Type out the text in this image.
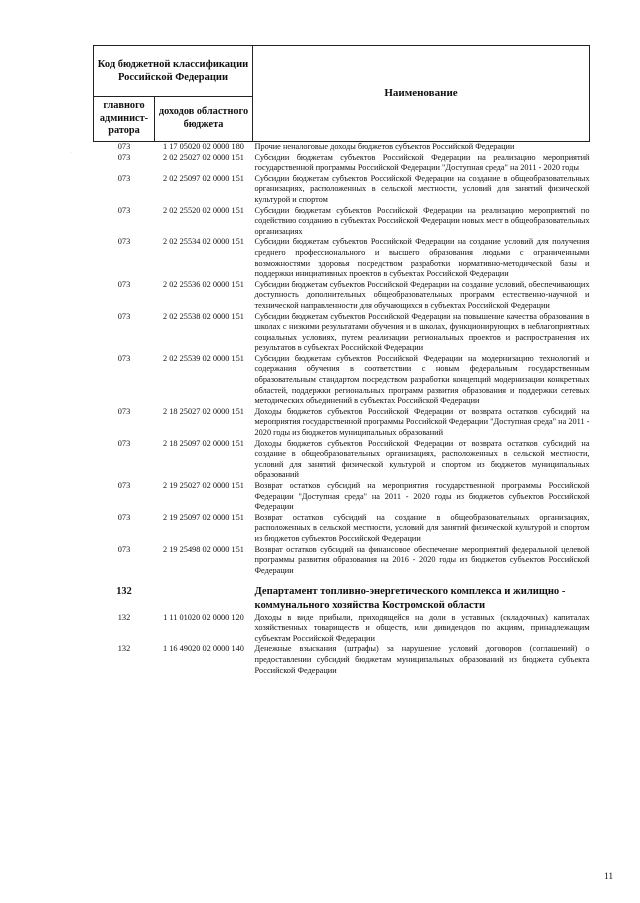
·
Код бюджетной классификации Российской Федерации		Наименование
главного админист-ратора	доходов областного бюджета	
073	1 17 05020 02 0000 180	Прочие неналоговые доходы бюджетов субъектов Российской Федерации
073	2 02 25027 02 0000 151	Субсидии бюджетам субъектов Российской Федерации на реализацию мероприятий государственной программы Российской Федерации "Доступная среда" на 2011 - 2020 годы
073	2 02 25097 02 0000 151	Субсидии бюджетам субъектов Российской Федерации на создание в общеобразовательных организациях, расположенных в сельской местности, условий для занятий физической культурой и спортом
073	2 02 25520 02 0000 151	Субсидии бюджетам субъектов Российской Федерации на реализацию мероприятий по содействию созданию в субъектах Российской Федерации новых мест в общеобразовательных организациях
073	2 02 25534 02 0000 151	Субсидии бюджетам субъектов Российской Федерации на создание условий для получения среднего профессионального и высшего образования людьми с ограниченными возможностями здоровья посредством разработки нормативно-методической базы и поддержки инициативных проектов в субъектах Российской Федерации
073	2 02 25536 02 0000 151	Субсидии бюджетам субъектов Российской Федерации на создание условий, обеспечивающих доступность дополнительных общеобразовательных программ естественно-научной и технической направленности для обучающихся в субъектах Российской Федерации
073	2 02 25538 02 0000 151	Субсидии бюджетам субъектов Российской Федерации на повышение качества образования в школах с низкими результатами обучения и в школах, функционирующих в неблагоприятных социальных условиях, путем реализации региональных проектов и распространения их результатов в субъектах Российской Федерации
073	2 02 25539 02 0000 151	Субсидии бюджетам субъектов Российской Федерации на модернизацию технологий и содержания обучения в соответствии с новым федеральным государственным образовательным стандартом посредством разработки концепций модернизации конкретных областей, поддержки региональных программ развития образования и поддержки сетевых методических объединений в субъектах Российской Федерации
073	2 18 25027 02 0000 151	Доходы бюджетов субъектов Российской Федерации от возврата остатков субсидий на мероприятия государственной программы Российской Федерации "Доступная среда" на 2011 - 2020 годы из бюджетов муниципальных образований
073	2 18 25097 02 0000 151	Доходы бюджетов субъектов Российской Федерации от возврата остатков субсидий на создание в общеобразовательных организациях, расположенных в сельской местности, условий для занятий физической культурой и спортом из бюджетов муниципальных образований
073	2 19 25027 02 0000 151	Возврат остатков субсидий на мероприятия государственной программы Российской Федерации "Доступная среда" на 2011 - 2020 годы из бюджетов субъектов Российской Федерации
073	2 19 25097 02 0000 151	Возврат остатков субсидий на создание в общеобразовательных организациях, расположенных в сельской местности, условий для занятий физической культурой и спортом из бюджетов субъектов Российской Федерации
073	2 19 25498 02 0000 151	Возврат остатков субсидий на финансовое обеспечение мероприятий федеральной целевой программы развития образования на 2016 - 2020 годы из бюджетов субъектов Российской Федерации
132		Департамент топливно-энергетического комплекса и жилищно - коммунального хозяйства Костромской области
132	1 11 01020 02 0000 120	Доходы в виде прибыли, приходящейся на доли в уставных (складочных) капиталах хозяйственных товариществ и обществ, или дивидендов по акциям, принадлежащим субъектам Российской Федерации
132	1 16 49020 02 0000 140	Денежные взыскания (штрафы) за нарушение условий договоров (соглашений) о предоставлении субсидий бюджетам муниципальных образований из бюджета субъекта Российской Федерации
11
